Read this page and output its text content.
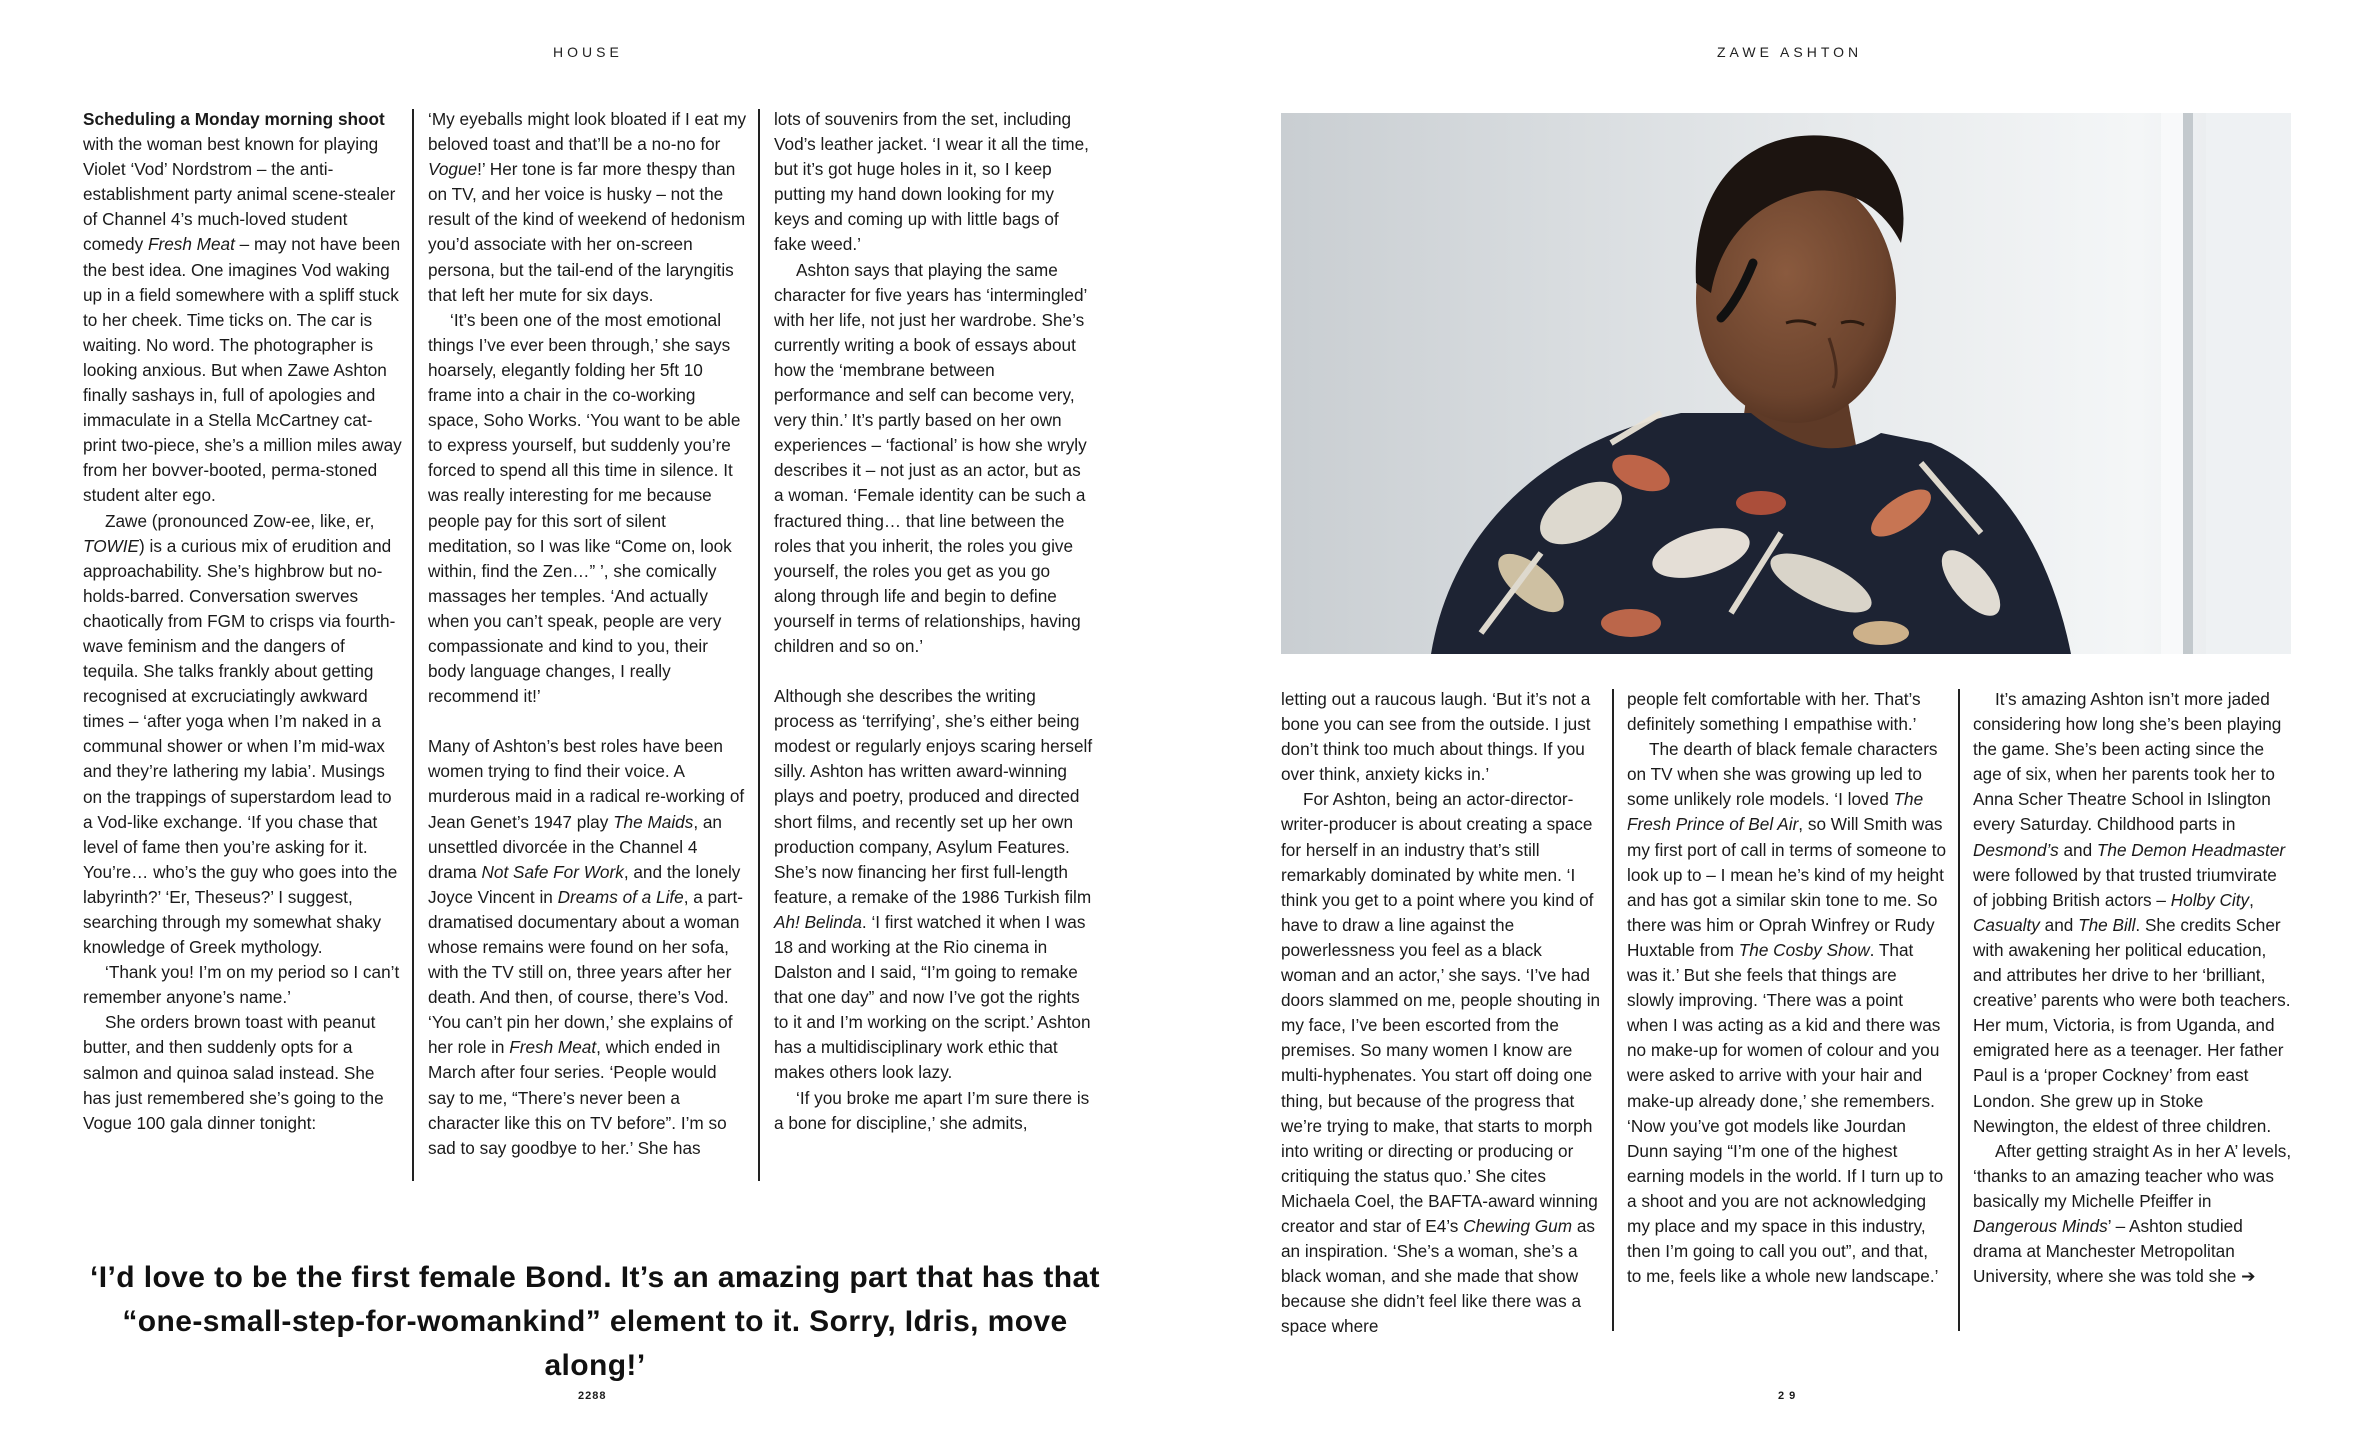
HOUSE

Scheduling a Monday morning shoot with the woman best known for playing Violet ‘Vod’ Nordstrom – the anti-establishment party animal scene-stealer of Channel 4’s much-loved student comedy Fresh Meat – may not have been the best idea. One imagines Vod waking up in a field somewhere with a spliff stuck to her cheek. Time ticks on. The car is waiting. No word. The photographer is looking anxious. But when Zawe Ashton finally sashays in, full of apologies and immaculate in a Stella McCartney cat-print two-piece, she’s a million miles away from her bovver-booted, perma-stoned student alter ego.

Zawe (pronounced Zow-ee, like, er, TOWIE) is a curious mix of erudition and approachability. She’s highbrow but no-holds-barred. Conversation swerves chaotically from FGM to crisps via fourth-wave feminism and the dangers of tequila. She talks frankly about getting recognised at excruciatingly awkward times – ‘after yoga when I’m naked in a communal shower or when I’m mid-wax and they’re lathering my labia’. Musings on the trappings of superstardom lead to a Vod-like exchange. ‘If you chase that level of fame then you’re asking for it. You’re… who’s the guy who goes into the labyrinth?’ ‘Er, Theseus?’ I suggest, searching through my somewhat shaky knowledge of Greek mythology.

‘Thank you! I’m on my period so I can’t remember anyone’s name.’

She orders brown toast with peanut butter, and then suddenly opts for a salmon and quinoa salad instead. She has just remembered she’s going to the Vogue 100 gala dinner tonight:

‘My eyeballs might look bloated if I eat my beloved toast and that’ll be a no-no for Vogue!’ Her tone is far more thespy than on TV, and her voice is husky – not the result of the kind of weekend of hedonism you’d associate with her on-screen persona, but the tail-end of the laryngitis that left her mute for six days.

‘It’s been one of the most emotional things I’ve ever been through,’ she says hoarsely, elegantly folding her 5ft 10 frame into a chair in the co-working space, Soho Works. ‘You want to be able to express yourself, but suddenly you’re forced to spend all this time in silence. It was really interesting for me because people pay for this sort of silent meditation, so I was like “Come on, look within, find the Zen…” ’, she comically massages her temples. ‘And actually when you can’t speak, people are very compassionate and kind to you, their body language changes, I really recommend it!’

Many of Ashton’s best roles have been women trying to find their voice. A murderous maid in a radical re-working of Jean Genet’s 1947 play The Maids, an unsettled divorcée in the Channel 4 drama Not Safe For Work, and the lonely Joyce Vincent in Dreams of a Life, a part-dramatised documentary about a woman whose remains were found on her sofa, with the TV still on, three years after her death. And then, of course, there’s Vod. ‘You can’t pin her down,’ she explains of her role in Fresh Meat, which ended in March after four series. ‘People would say to me, “There’s never been a character like this on TV before”. I’m so sad to say goodbye to her.’ She has

lots of souvenirs from the set, including Vod’s leather jacket. ‘I wear it all the time, but it’s got huge holes in it, so I keep putting my hand down looking for my keys and coming up with little bags of fake weed.’

Ashton says that playing the same character for five years has ‘intermingled’ with her life, not just her wardrobe. She’s currently writing a book of essays about how the ‘membrane between performance and self can become very, very thin.’ It’s partly based on her own experiences – ‘factional’ is how she wryly describes it – not just as an actor, but as a woman. ‘Female identity can be such a fractured thing… that line between the roles that you inherit, the roles you give yourself, the roles you get as you go along through life and begin to define yourself in terms of relationships, having children and so on.’

Although she describes the writing process as ‘terrifying’, she’s either being modest or regularly enjoys scaring herself silly. Ashton has written award-winning plays and poetry, produced and directed short films, and recently set up her own production company, Asylum Features. She’s now financing her first full-length feature, a remake of the 1986 Turkish film Ah! Belinda. ‘I first watched it when I was 18 and working at the Rio cinema in Dalston and I said, “I’m going to remake that one day” and now I’ve got the rights to it and I’m working on the script.’ Ashton has a multidisciplinary work ethic that makes others look lazy.

‘If you broke me apart I’m sure there is a bone for discipline,’ she admits,

‘I’d love to be the first female Bond. It’s an amazing part that has that
“one-small-step-for-womankind” element to it. Sorry, Idris, move along!’
2288
ZAWE ASHTON

letting out a raucous laugh. ‘But it’s not a bone you can see from the outside. I just don’t think too much about things. If you over think, anxiety kicks in.’

For Ashton, being an actor-director-writer-producer is about creating a space for herself in an industry that’s still remarkably dominated by white men. ‘I think you get to a point where you kind of have to draw a line against the powerlessness you feel as a black woman and an actor,’ she says. ‘I’ve had doors slammed on me, people shouting in my face, I’ve been escorted from the premises. So many women I know are multi-hyphenates. You start off doing one thing, but because of the progress that we’re trying to make, that starts to morph into writing or directing or producing or critiquing the status quo.’ She cites Michaela Coel, the BAFTA-award winning creator and star of E4’s Chewing Gum as an inspiration. ‘She’s a woman, she’s a black woman, and she made that show because she didn’t feel like there was a space where

people felt comfortable with her. That’s definitely something I empathise with.’

The dearth of black female characters on TV when she was growing up led to some unlikely role models. ‘I loved The Fresh Prince of Bel Air, so Will Smith was my first port of call in terms of someone to look up to – I mean he’s kind of my height and has got a similar skin tone to me. So there was him or Oprah Winfrey or Rudy Huxtable from The Cosby Show. That was it.’ But she feels that things are slowly improving. ‘There was a point when I was acting as a kid and there was no make-up for women of colour and you were asked to arrive with your hair and make-up already done,’ she remembers. ‘Now you’ve got models like Jourdan Dunn saying “I’m one of the highest earning models in the world. If I turn up to a shoot and you are not acknowledging my place and my space in this industry, then I’m going to call you out”, and that, to me, feels like a whole new landscape.’

It’s amazing Ashton isn’t more jaded considering how long she’s been playing the game. She’s been acting since the age of six, when her parents took her to Anna Scher Theatre School in Islington every Saturday. Childhood parts in Desmond’s and The Demon Headmaster were followed by that trusted triumvirate of jobbing British actors – Holby City, Casualty and The Bill. She credits Scher with awakening her political education, and attributes her drive to her ‘brilliant, creative’ parents who were both teachers. Her mum, Victoria, is from Uganda, and emigrated here as a teenager. Her father Paul is a ‘proper Cockney’ from east London. She grew up in Stoke Newington, the eldest of three children.

After getting straight As in her A’ levels, ‘thanks to an amazing teacher who was basically my Michelle Pfeiffer in Dangerous Minds’ – Ashton studied drama at Manchester Metropolitan University, where she was told she ➔

2 9
